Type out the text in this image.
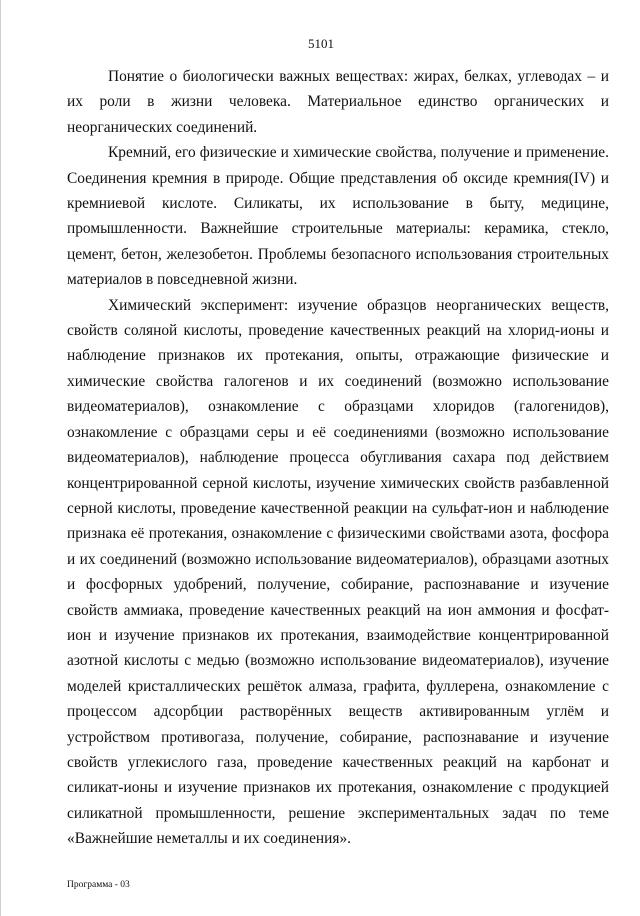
5101

Понятие о биологически важных веществах: жирах, белках, углеводах – и их роли в жизни человека. Материальное единство органических и неорганических соединений.

Кремний, его физические и химические свойства, получение и применение. Соединения кремния в природе. Общие представления об оксиде кремния(IV) и кремниевой кислоте. Силикаты, их использование в быту, медицине, промышленности. Важнейшие строительные материалы: керамика, стекло, цемент, бетон, железобетон. Проблемы безопасного использования строительных материалов в повседневной жизни.

Химический эксперимент: изучение образцов неорганических веществ, свойств соляной кислоты, проведение качественных реакций на хлорид-ионы и наблюдение признаков их протекания, опыты, отражающие физические и химические свойства галогенов и их соединений (возможно использование видеоматериалов), ознакомление с образцами хлоридов (галогенидов), ознакомление с образцами серы и её соединениями (возможно использование видеоматериалов), наблюдение процесса обугливания сахара под действием концентрированной серной кислоты, изучение химических свойств разбавленной серной кислоты, проведение качественной реакции на сульфат-ион и наблюдение признака её протекания, ознакомление с физическими свойствами азота, фосфора и их соединений (возможно использование видеоматериалов), образцами азотных и фосфорных удобрений, получение, собирание, распознавание и изучение свойств аммиака, проведение качественных реакций на ион аммония и фосфат-ион и изучение признаков их протекания, взаимодействие концентрированной азотной кислоты с медью (возможно использование видеоматериалов), изучение моделей кристаллических решёток алмаза, графита, фуллерена, ознакомление с процессом адсорбции растворённых веществ активированным углём и устройством противогаза, получение, собирание, распознавание и изучение свойств углекислого газа, проведение качественных реакций на карбонат и силикат-ионы и изучение признаков их протекания, ознакомление с продукцией силикатной промышленности, решение экспериментальных задач по теме «Важнейшие неметаллы и их соединения».

Программа - 03
